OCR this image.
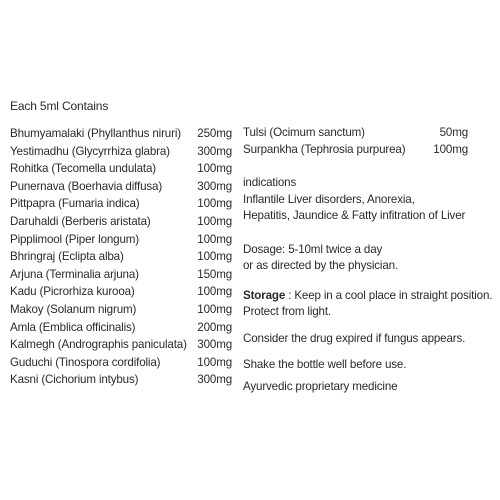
Each 5ml Contains
Bhumyamalaki (Phyllanthus niruri) 250mg
Yestimadhu (Glycyrrhiza glabra) 300mg
Rohitka (Tecomella undulata)	100mg
Punernava (Boerhavia diffusa)	300mg
Pittpapra (Fumaria indica)	100mg
Daruhaldi (Berberis aristata)	100mg
Pipplimool (Piper longum)	100mg
Bhringraj (Eclipta alba)	100mg
Arjuna (Terminalia arjuna)	150mg
Kadu (Picrorhiza kurooa)	100mg
Makoy (Solanum nigrum)	100mg
Amla (Emblica officinalis)	200mg
Kalmegh (Andrographis paniculata) 300mg
Guduchi (Tinospora cordifolia)	100mg
Kasni (Cichorium intybus)	300mg
Tulsi (Ocimum sanctum)	50mg
Surpankha (Tephrosia purpurea) 100mg
indications
Inflantile Liver disorders, Anorexia,
Hepatitis, Jaundice & Fatty infitration of Liver
Dosage: 5-10ml twice a day
or as directed by the physician.
Storage : Keep in a cool place in straight position.
Protect from light.
Consider the drug expired if fungus appears.
Shake the bottle well before use.
Ayurvedic proprietary medicine
